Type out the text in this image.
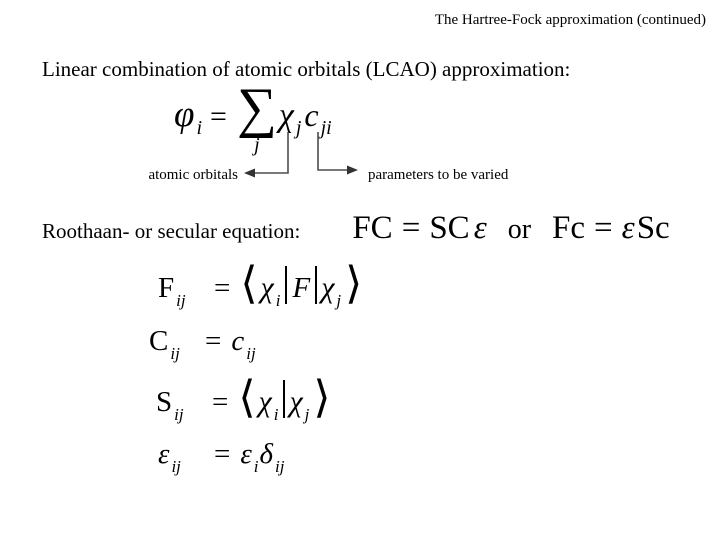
The Hartree-Fock approximation (continued)
Linear combination of atomic orbitals (LCAO) approximation:
φ i = ∑
j
χ j c ji
atomic orbitals	parameters to be varied
Roothaan- or secular equation: FC = SC ε or Fc = ε Sc
F ij = ⟨ χ i F χ j ⟩
C ij = c ij
S ij = ⟨ χ i χ j ⟩
ε ij = ε i δ ij
